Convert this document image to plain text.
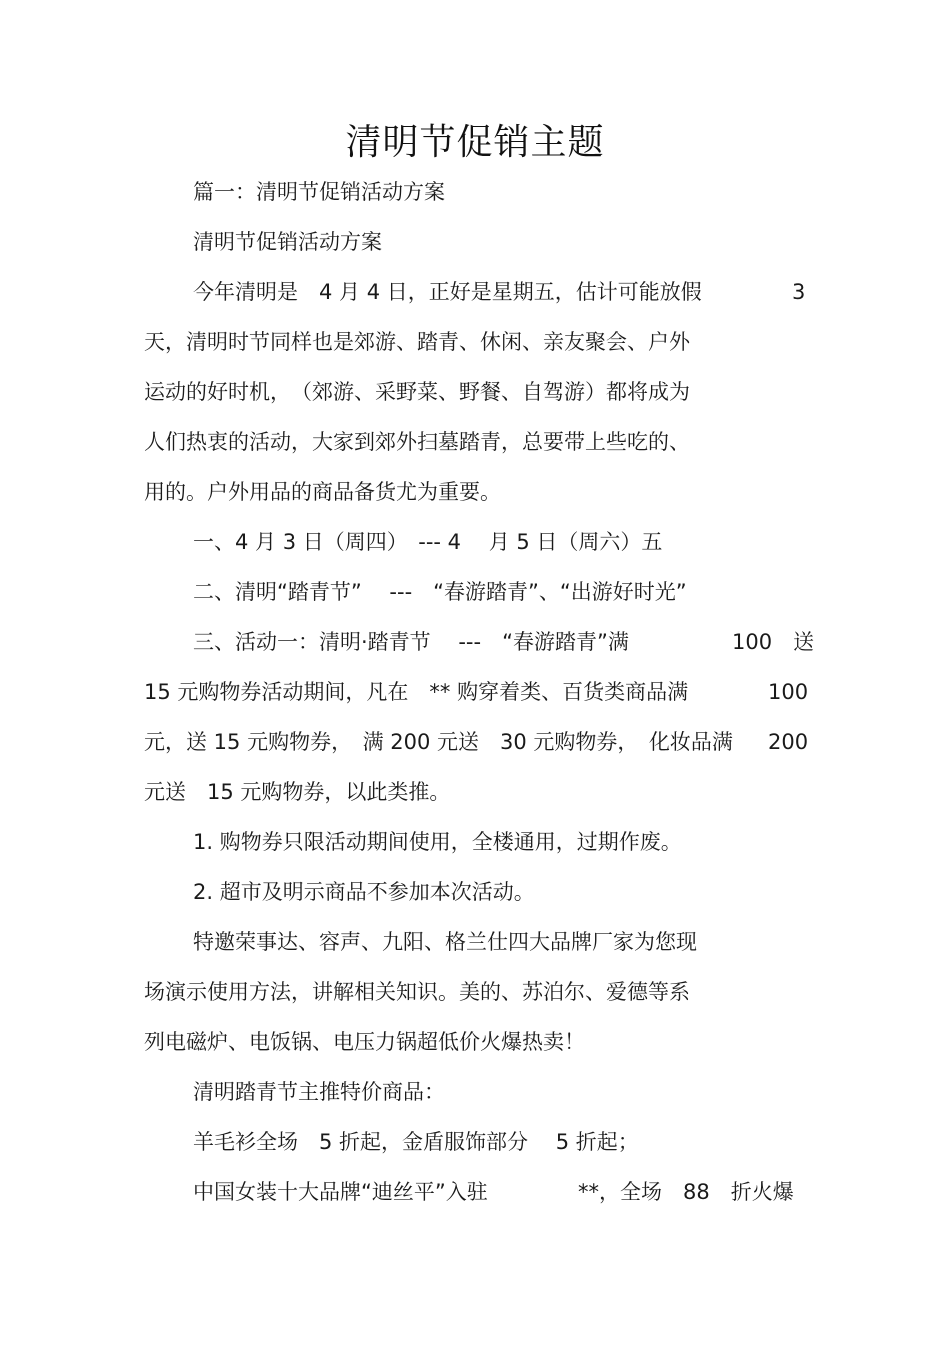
清明节促销主题
篇一：清明节促销活动方案
清明节促销活动方案
今年清明是　4 月 4 日，正好是星期五，估计可能放假	3
天，清明时节同样也是郊游、踏青、休闲、亲友聚会、户外
运动的好时机，　（郊游、采野菜、野餐、自驾游）都将成为
人们热衷的活动，大家到郊外扫墓踏青，总要带上些吃的、
用的。户外用品的商品备货尤为重要。
一、4 月 3 日（周四）　--- 4　 月 5 日（周六）五
二、清明“踏青节”　 ---　“春游踏青”、“出游好时光”
三、活动一：清明·踏青节　 ---　“春游踏青”满	100　送
15 元购物券活动期间，凡在　** 购穿着类、百货类商品满	100
元，送 15 元购物券，　满 200 元送　30 元购物券，　化妆品满 200
元送　15 元购物券，以此类推。
1. 购物券只限活动期间使用，全楼通用，过期作废。
2. 超市及明示商品不参加本次活动。
特邀荣事达、容声、九阳、格兰仕四大品牌厂家为您现
场演示使用方法，讲解相关知识。美的、苏泊尔、爱德等系
列电磁炉、电饭锅、电压力锅超低价火爆热卖！
清明踏青节主推特价商品：
羊毛衫全场　5 折起，金盾服饰部分　 5 折起；
中国女装十大品牌“迪丝平”入驻	**，全场　88　折火爆
